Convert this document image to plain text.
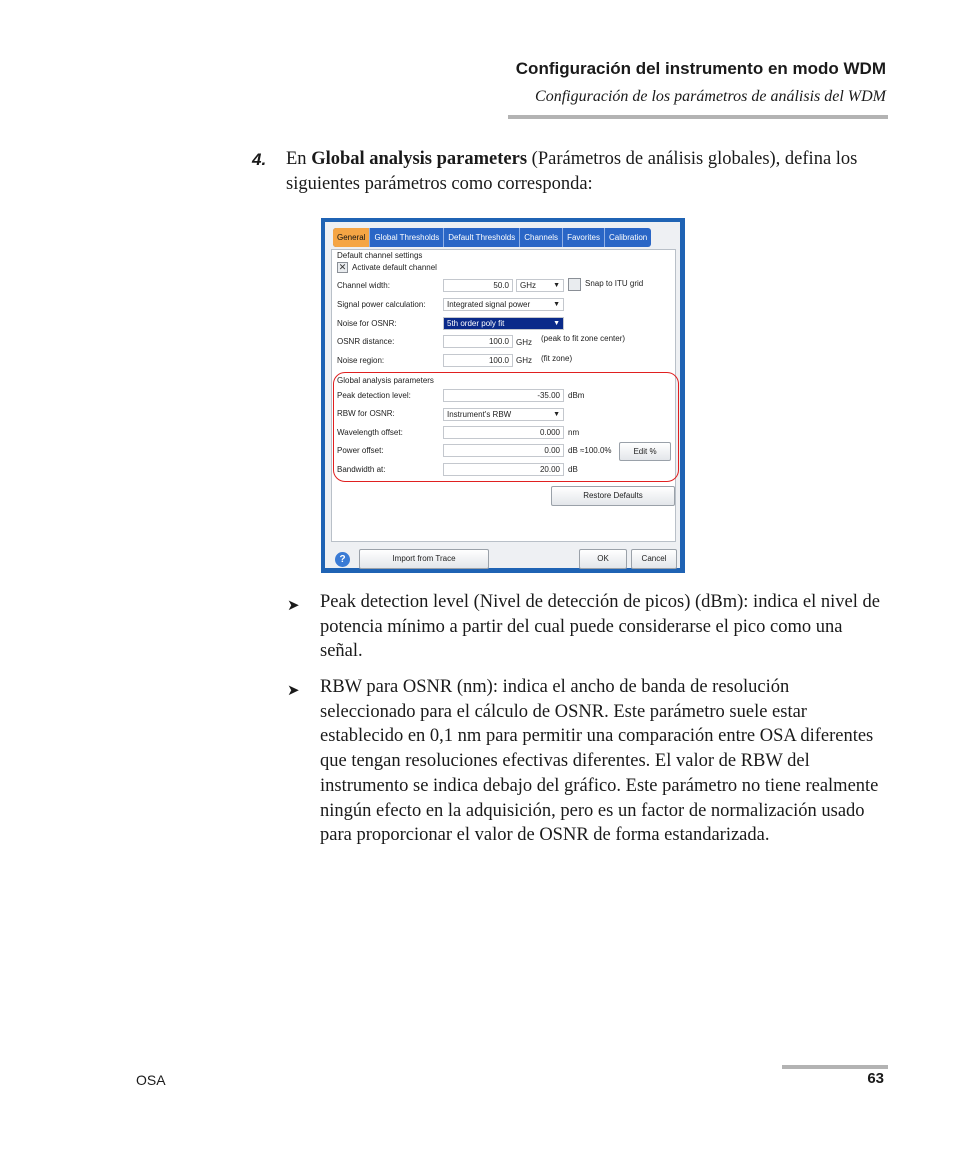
Configuración del instrumento en modo WDM
Configuración de los parámetros de análisis del WDM
4. En Global analysis parameters (Parámetros de análisis globales), defina los siguientes parámetros como corresponda:
General	Global Thresholds	Default Thresholds	Channels	Favorites	Calibration
Default channel settings
✕ Activate default channel
Channel width:	50.0	GHz ▼	Snap to ITU grid
Signal power calculation:	Integrated signal power	▼
Noise for OSNR:	5th order poly fit	▼
OSNR distance:	100.0 GHz (peak to fit zone center)
Noise region:	100.0 GHz (fit zone)
Global analysis parameters
Peak detection level:	-35.00	dBm
RBW for OSNR:	Instrument's RBW	▼
Wavelength offset:	0.000	nm
Power offset:	0.00	dB ≈100.0%	Edit %
Bandwidth at:	20.00	dB
Restore Defaults
?	Import from Trace	OK	Cancel
➤ Peak detection level (Nivel de detección de picos) (dBm): indica el nivel de potencia mínimo a partir del cual puede considerarse el pico como una señal.
➤ RBW para OSNR (nm): indica el ancho de banda de resolución seleccionado para el cálculo de OSNR. Este parámetro suele estar establecido en 0,1 nm para permitir una comparación entre OSA diferentes que tengan resoluciones efectivas diferentes. El valor de RBW del instrumento se indica debajo del gráfico. Este parámetro no tiene realmente ningún efecto en la adquisición, pero es un factor de normalización usado para proporcionar el valor de OSNR de forma estandarizada.
OSA	63
